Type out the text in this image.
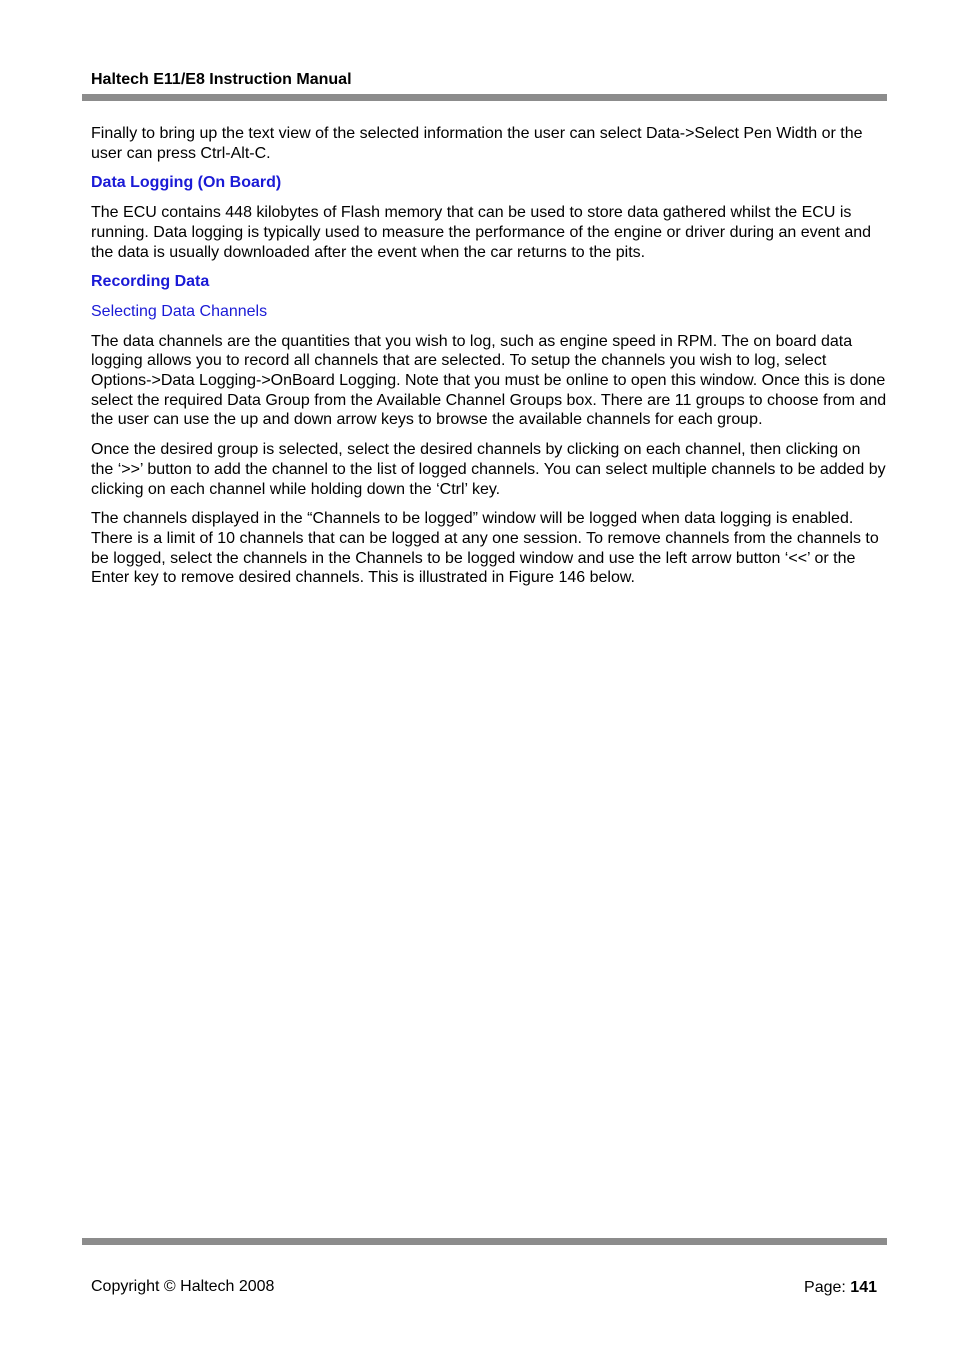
Haltech E11/E8 Instruction Manual

Finally to bring up the text view of the selected information the user can select Data->Select Pen Width or the user can press Ctrl-Alt-C.

Data Logging (On Board)

The ECU contains 448 kilobytes of Flash memory that can be used to store data gathered whilst the ECU is running. Data logging is typically used to measure the performance of the engine or driver during an event and the data is usually downloaded after the event when the car returns to the pits.

Recording Data
Selecting Data Channels

The data channels are the quantities that you wish to log, such as engine speed in RPM. The on board data logging allows you to record all channels that are selected. To setup the channels you wish to log, select Options->Data Logging->OnBoard Logging. Note that you must be online to open this window. Once this is done select the required Data Group from the Available Channel Groups box. There are 11 groups to choose from and the user can use the up and down arrow keys to browse the available channels for each group.

Once the desired group is selected, select the desired channels by clicking on each channel, then clicking on the ‘>>’ button to add the channel to the list of logged channels. You can select multiple channels to be added by clicking on each channel while holding down the ‘Ctrl’ key.

The channels displayed in the “Channels to be logged” window will be logged when data logging is enabled. There is a limit of 10 channels that can be logged at any one session. To remove channels from the channels to be logged, select the channels in the Channels to be logged window and use the left arrow button ‘<<’ or the Enter key to remove desired channels. This is illustrated in Figure 146 below.

Copyright © Haltech 2008	Page: 141
